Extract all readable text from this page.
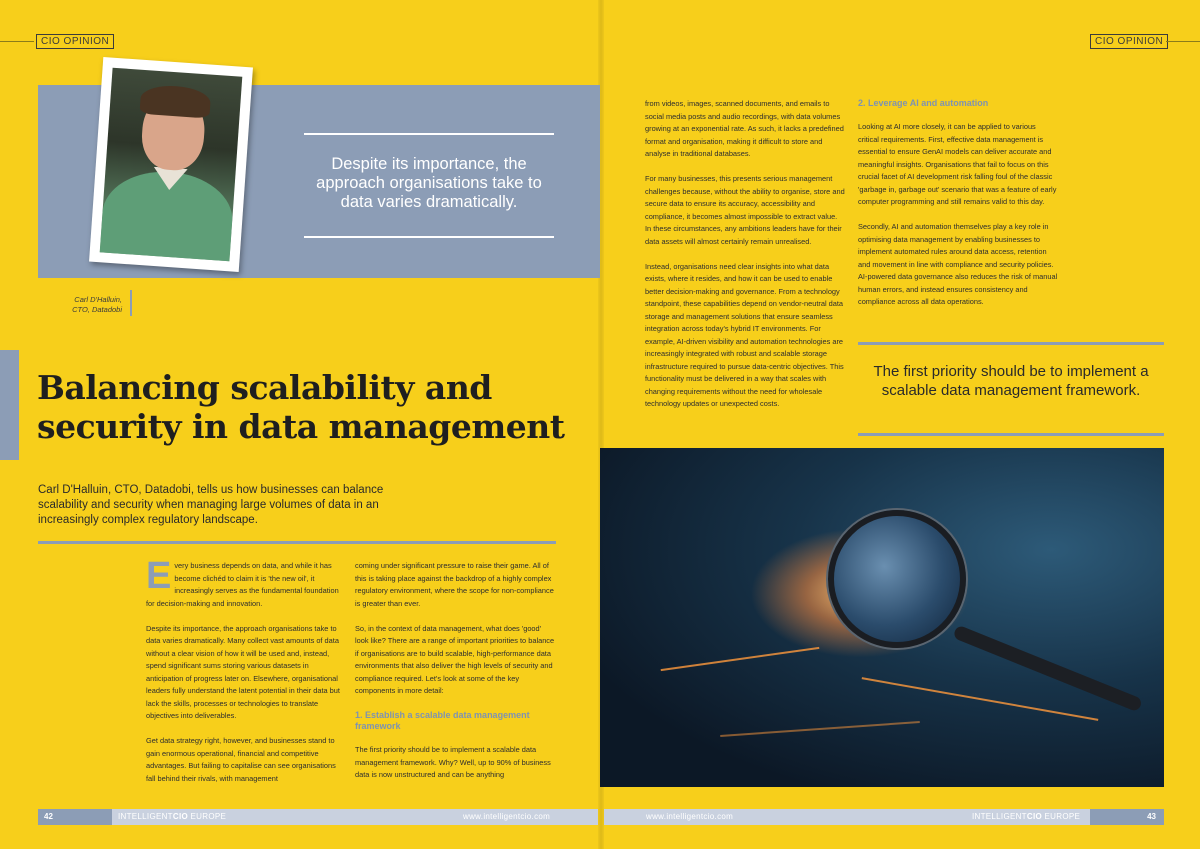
CIO OPINION	CIO OPINION
Despite its importance, the approach organisations take to data varies dramatically.
Carl D'Halluin,
CTO, Datadobi
Balancing scalability and security in data management
Carl D'Halluin, CTO, Datadobi, tells us how businesses can balance scalability and security when managing large volumes of data in an increasingly complex regulatory landscape.

Every business depends on data, and while it has become clichéd to claim it is 'the new oil', it increasingly serves as the fundamental foundation for decision-making and innovation.

Despite its importance, the approach organisations take to data varies dramatically. Many collect vast amounts of data without a clear vision of how it will be used and, instead, spend significant sums storing various datasets in anticipation of progress later on. Elsewhere, organisational leaders fully understand the latent potential in their data but lack the skills, processes or technologies to translate objectives into deliverables.

Get data strategy right, however, and businesses stand to gain enormous operational, financial and competitive advantages. But failing to capitalise can see organisations fall behind their rivals, with management

coming under significant pressure to raise their game. All of this is taking place against the backdrop of a highly complex regulatory environment, where the scope for non-compliance is greater than ever.

So, in the context of data management, what does 'good' look like? There are a range of important priorities to balance if organisations are to build scalable, high-performance data environments that also deliver the high levels of security and compliance required. Let's look at some of the key components in more detail:

1. Establish a scalable data management framework

The first priority should be to implement a scalable data management framework. Why? Well, up to 90% of business data is now unstructured and can be anything

from videos, images, scanned documents, and emails to social media posts and audio recordings, with data volumes growing at an exponential rate. As such, it lacks a predefined format and organisation, making it difficult to store and analyse in traditional databases.

For many businesses, this presents serious management challenges because, without the ability to organise, store and secure data to ensure its accuracy, accessibility and compliance, it becomes almost impossible to extract value. In these circumstances, any ambitions leaders have for their data assets will almost certainly remain unrealised.

Instead, organisations need clear insights into what data exists, where it resides, and how it can be used to enable better decision-making and governance. From a technology standpoint, these capabilities depend on vendor-neutral data storage and management solutions that ensure seamless integration across today's hybrid IT environments. For example, AI-driven visibility and automation technologies are increasingly integrated with robust and scalable storage infrastructure required to pursue data-centric objectives. This functionality must be delivered in a way that scales with changing requirements without the need for wholesale technology updates or unexpected costs.

2. Leverage AI and automation

Looking at AI more closely, it can be applied to various critical requirements. First, effective data management is essential to ensure GenAI models can deliver accurate and meaningful insights. Organisations that fail to focus on this crucial facet of AI development risk falling foul of the classic 'garbage in, garbage out' scenario that was a feature of early computer programming and still remains valid to this day.

Secondly, AI and automation themselves play a key role in optimising data management by enabling businesses to implement automated rules around data access, retention and movement in line with compliance and security policies. AI-powered data governance also reduces the risk of manual human errors, and instead ensures consistency and compliance across all data operations.

The first priority should be to implement a scalable data management framework.
42	INTELLIGENTCIO EUROPE	www.intelligentcio.com	www.intelligentcio.com	INTELLIGENTCIO EUROPE	43
